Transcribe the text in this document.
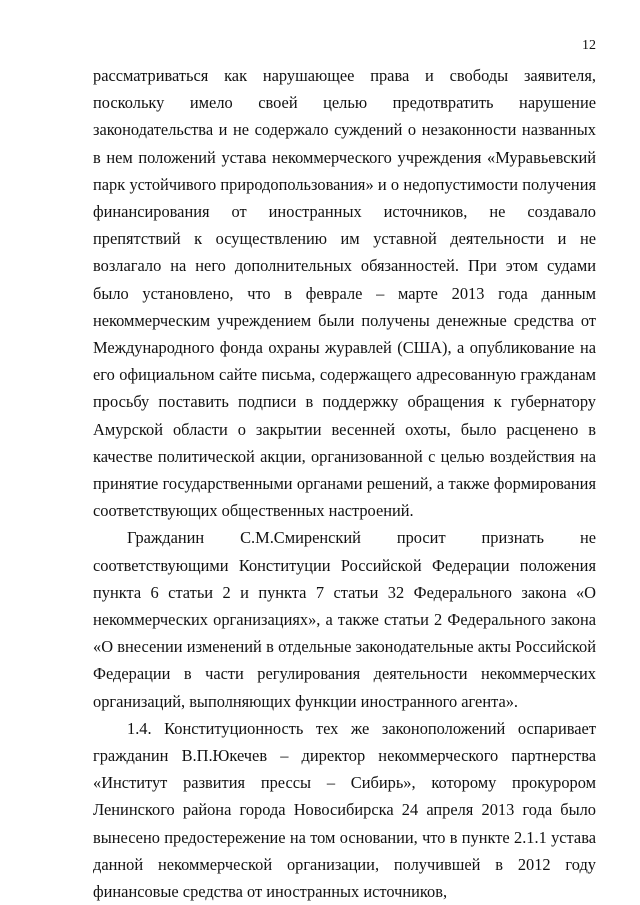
12

рассматриваться как нарушающее права и свободы заявителя, поскольку имело своей целью предотвратить нарушение законодательства и не содержало суждений о незаконности названных в нем положений устава некоммерческого учреждения «Муравьевский парк устойчивого природопользования» и о недопустимости получения финансирования от иностранных источников, не создавало препятствий к осуществлению им уставной деятельности и не возлагало на него дополнительных обязанностей. При этом судами было установлено, что в феврале – марте 2013 года данным некоммерческим учреждением были получены денежные средства от Международного фонда охраны журавлей (США), а опубликование на его официальном сайте письма, содержащего адресованную гражданам просьбу поставить подписи в поддержку обращения к губернатору Амурской области о закрытии весенней охоты, было расценено в качестве политической акции, организованной с целью воздействия на принятие государственными органами решений, а также формирования соответствующих общественных настроений.

Гражданин С.М.Смиренский просит признать не соответствующими Конституции Российской Федерации положения пункта 6 статьи 2 и пункта 7 статьи 32 Федерального закона «О некоммерческих организациях», а также статьи 2 Федерального закона «О внесении изменений в отдельные законодательные акты Российской Федерации в части регулирования деятельности некоммерческих организаций, выполняющих функции иностранного агента».

1.4. Конституционность тех же законоположений оспаривает гражданин В.П.Юкечев – директор некоммерческого партнерства «Институт развития прессы – Сибирь», которому прокурором Ленинского района города Новосибирска 24 апреля 2013 года было вынесено предостережение на том основании, что в пункте 2.1.1 устава данной некоммерческой организации, получившей в 2012 году финансовые средства от иностранных источников,
